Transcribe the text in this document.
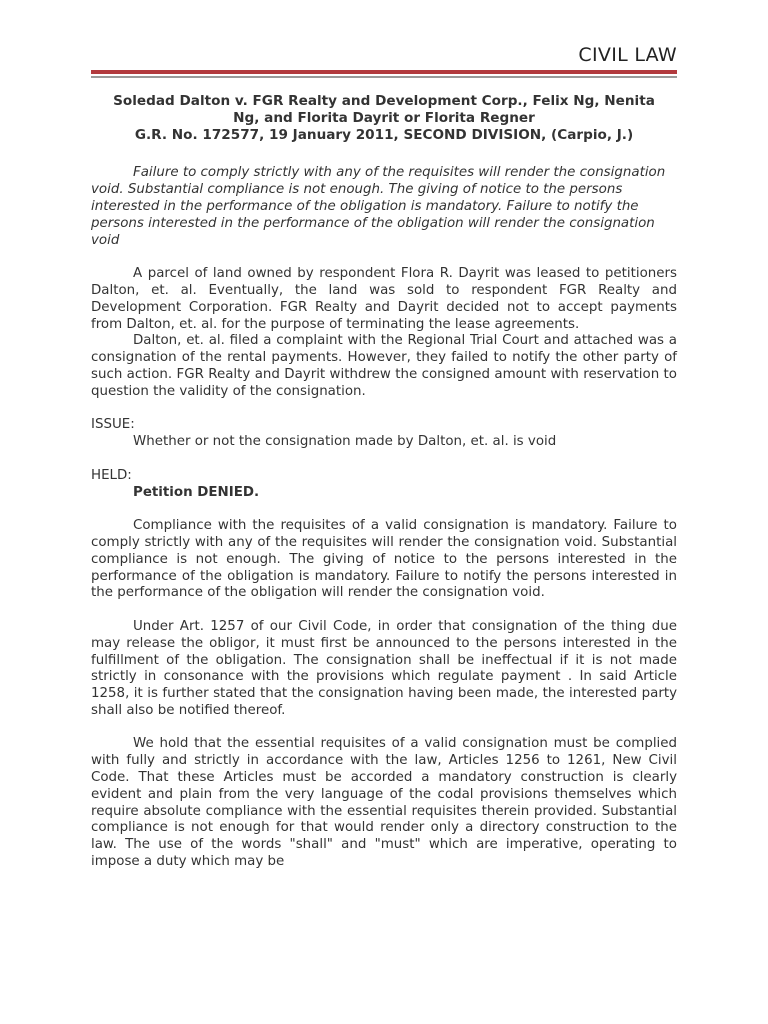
CIVIL LAW

Soledad Dalton v. FGR Realty and Development Corp., Felix Ng, Nenita

Ng, and Florita Dayrit or Florita Regner

G.R. No. 172577, 19 January 2011, SECOND DIVISION, (Carpio, J.)

Failure to comply strictly with any of the requisites will render the consignation void. Substantial compliance is not enough. The giving of notice to the persons interested in the performance of the obligation is mandatory. Failure to notify the persons interested in the performance of the obligation will render the consignation void

A parcel of land owned by respondent Flora R. Dayrit was leased to petitioners Dalton, et. al. Eventually, the land was sold to respondent FGR Realty and Development Corporation. FGR Realty and Dayrit decided not to accept payments from Dalton, et. al. for the purpose of terminating the lease agreements.

Dalton, et. al. filed a complaint with the Regional Trial Court and attached was a consignation of the rental payments. However, they failed to notify the other party of such action. FGR Realty and Dayrit withdrew the consigned amount with reservation to question the validity of the consignation.

ISSUE:

Whether or not the consignation made by Dalton, et. al. is void

HELD:

Petition DENIED.

Compliance with the requisites of a valid consignation is mandatory. Failure to comply strictly with any of the requisites will render the consignation void. Substantial compliance is not enough. The giving of notice to the persons interested in the performance of the obligation is mandatory. Failure to notify the persons interested in the performance of the obligation will render the consignation void.

Under Art. 1257 of our Civil Code, in order that consignation of the thing due may release the obligor, it must first be announced to the persons interested in the fulfillment of the obligation. The consignation shall be ineffectual if it is not made strictly in consonance with the provisions which regulate payment . In said Article 1258, it is further stated that the consignation having been made, the interested party shall also be notified thereof.

We hold that the essential requisites of a valid consignation must be complied with fully and strictly in accordance with the law, Articles 1256 to 1261, New Civil Code. That these Articles must be accorded a mandatory construction is clearly evident and plain from the very language of the codal provisions themselves which require absolute compliance with the essential requisites therein provided. Substantial compliance is not enough for that would render only a directory construction to the law. The use of the words "shall" and "must" which are imperative, operating to impose a duty which may be
